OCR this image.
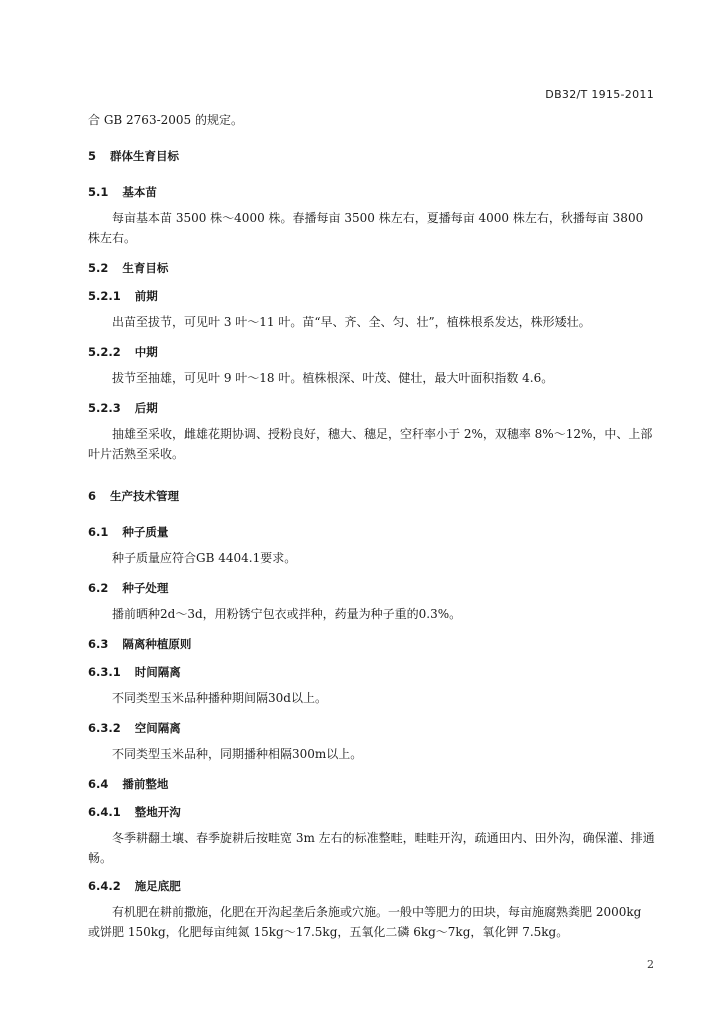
DB32/T 1915-2011

合 GB 2763-2005 的规定。

5 群体生育目标

5.1 基本苗

每亩基本苗 3500 株～4000 株。春播每亩 3500 株左右，夏播每亩 4000 株左右，秋播每亩 3800 株左右。

5.2 生育目标

5.2.1 前期

出苗至拔节，可见叶 3 叶～11 叶。苗“早、齐、全、匀、壮”，植株根系发达，株形矮壮。

5.2.2 中期

拔节至抽雄，可见叶 9 叶～18 叶。植株根深、叶茂、健壮，最大叶面积指数 4.6。

5.2.3 后期

抽雄至采收，雌雄花期协调、授粉良好，穗大、穗足，空秆率小于 2%，双穗率 8%～12%，中、上部叶片活熟至采收。

6 生产技术管理

6.1 种子质量

种子质量应符合GB 4404.1要求。

6.2 种子处理

播前晒种2d～3d，用粉锈宁包衣或拌种，药量为种子重的0.3%。

6.3 隔离种植原则

6.3.1 时间隔离

不同类型玉米品种播种期间隔30d以上。

6.3.2 空间隔离

不同类型玉米品种，同期播种相隔300m以上。

6.4 播前整地

6.4.1 整地开沟

冬季耕翻土壤、春季旋耕后按畦宽 3m 左右的标准整畦，畦畦开沟，疏通田内、田外沟，确保灌、排通畅。

6.4.2 施足底肥

有机肥在耕前撒施，化肥在开沟起垄后条施或穴施。一般中等肥力的田块，每亩施腐熟粪肥 2000kg 或饼肥 150kg，化肥每亩纯氮 15kg～17.5kg，五氧化二磷 6kg～7kg，氧化钾 7.5kg。

2
